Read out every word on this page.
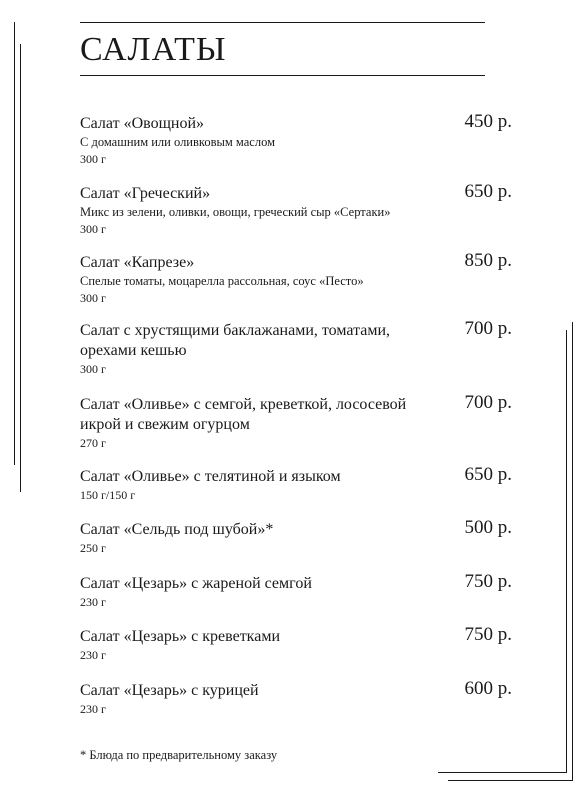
САЛАТЫ
Салат «Овощной»
С домашним или оливковым маслом
300 г
450 р.
Салат «Греческий»
Микс из зелени, оливки, овощи, греческий сыр «Сертаки»
300 г
650 р.
Салат «Капрезе»
Спелые томаты, моцарелла рассольная, соус «Песто»
300 г
850 р.
Салат с хрустящими баклажанами, томатами, орехами кешью
300 г
700 р.
Салат «Оливье» с семгой, креветкой, лососевой икрой и свежим огурцом
270 г
700 р.
Салат «Оливье» с телятиной и языком
150 г/150 г
650 р.
Салат «Сельдь под шубой»*
250 г
500 р.
Салат «Цезарь» с жареной семгой
230 г
750 р.
Салат «Цезарь» с креветками
230 г
750 р.
Салат «Цезарь» с курицей
230 г
600 р.
* Блюда по предварительному заказу
